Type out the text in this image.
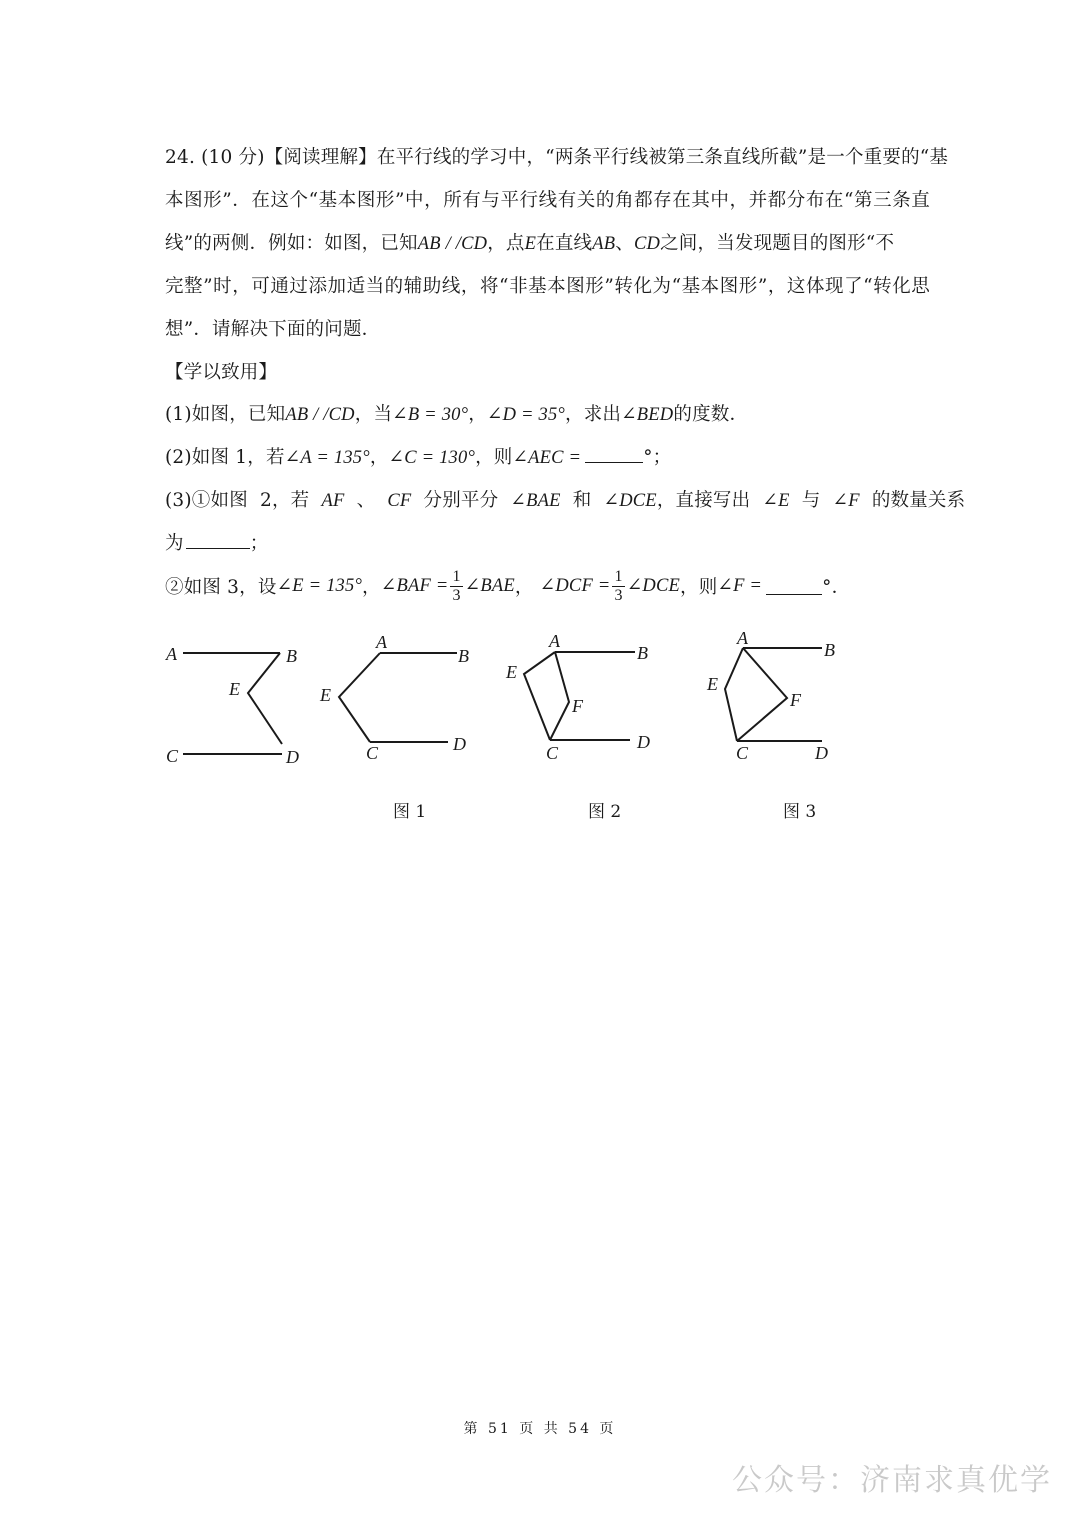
24. (10 分)【阅读理解】在平行线的学习中，“两条平行线被第三条直线所截”是一个重要的“基
本图形”．在这个“基本图形”中，所有与平行线有关的角都存在其中，并都分布在“第三条直
线”的两侧．例如：如图，已知AB / /CD，点E在直线AB、CD之间，当发现题目的图形“不
完整”时，可通过添加适当的辅助线，将“非基本图形”转化为“基本图形”，这体现了“转化思
想”．请解决下面的问题．
【学以致用】
(1)如图，已知AB / /CD，当∠B = 30°，∠D = 35°，求出∠BED的度数．
(2)如图 1，若∠A = 135°，∠C = 130°，则∠AEC =	°；
(3)①如图 2，若 AF 、 CF 分别平分 ∠BAE 和 ∠DCE，直接写出 ∠E 与 ∠F 的数量关系
为	；
②如图 3，设 ∠E = 135° ， ∠BAF = $\frac{1}{3}$ ∠BAE ，
∠DCF = $\frac{1}{3}$ ∠DCE ，则 ∠F =	°．
A	B
E
C	D
A
B
E
C	D
A
B
E
F
C
D
A
B
E
F
C	D
图 1	图 2	图 3
第 51 页 共 54 页
公众号：济南求真优学
